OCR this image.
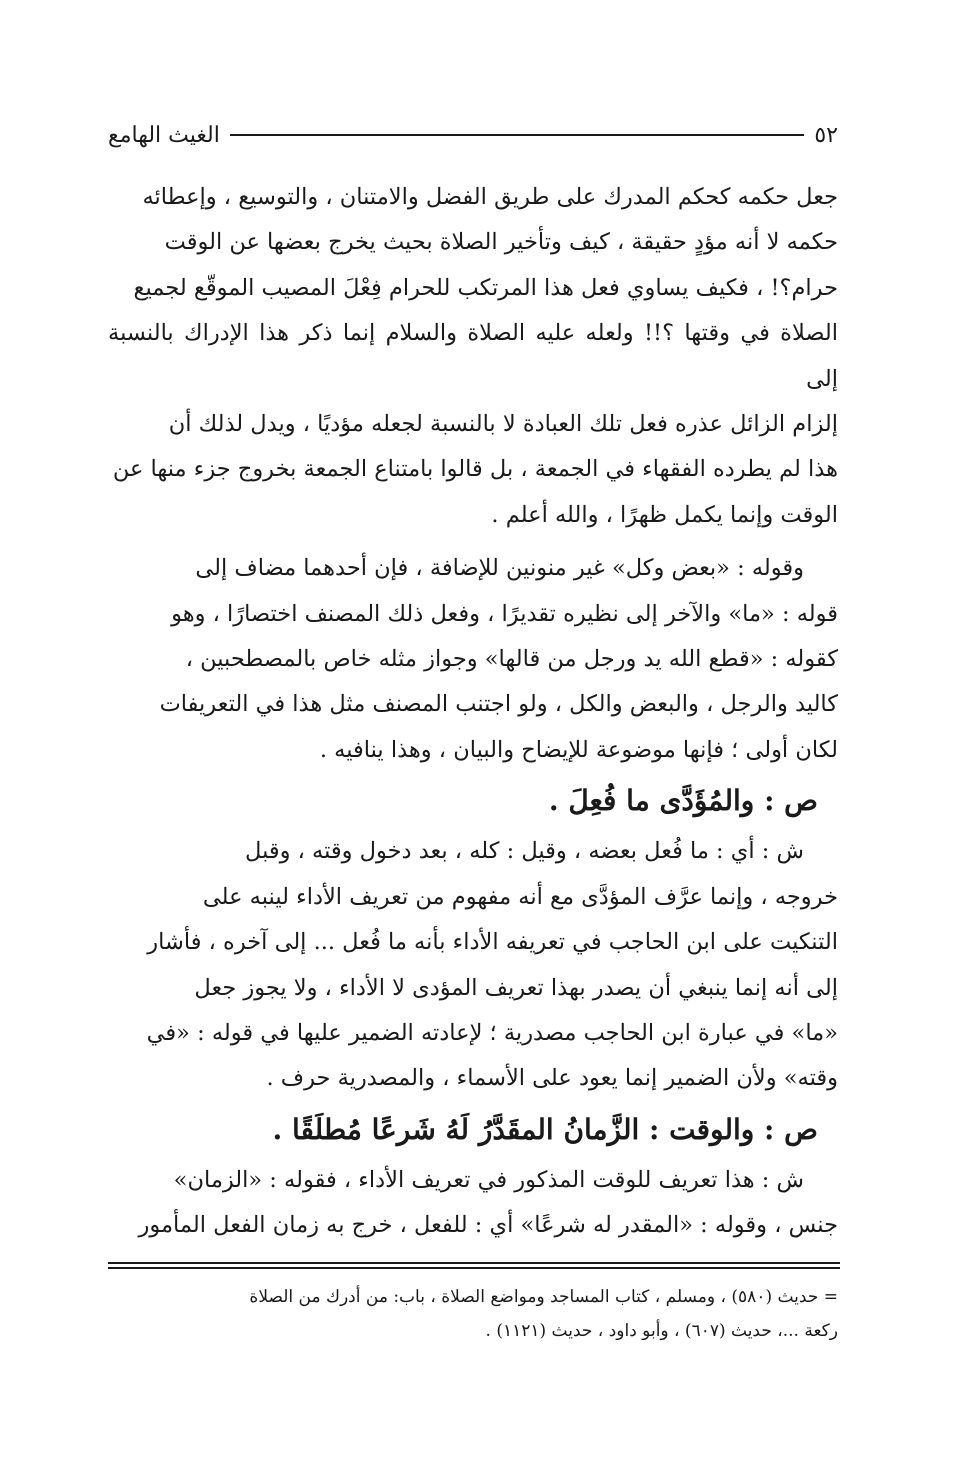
٥٢
الغيث الهامع

جعل حكمه كحكم المدرك على طريق الفضل والامتنان ، والتوسيع ، وإعطائه

حكمه لا أنه مؤدٍ حقيقة ، كيف وتأخير الصلاة بحيث يخرج بعضها عن الوقت

حرام؟! ، فكيف يساوي فعل هذا المرتكب للحرام فِعْلَ المصيب الموقّع لجميع

الصلاة في وقتها ؟!! ولعله عليه الصلاة والسلام إنما ذكر هذا الإدراك بالنسبة إلى

إلزام الزائل عذره فعل تلك العبادة لا بالنسبة لجعله مؤديًا ، ويدل لذلك أن

هذا لم يطرده الفقهاء في الجمعة ، بل قالوا بامتناع الجمعة بخروج جزء منها عن

الوقت وإنما يكمل ظهرًا ، والله أعلم .

وقوله : «بعض وكل» غير منونين للإضافة ، فإن أحدهما مضاف إلى

قوله : «ما» والآخر إلى نظيره تقديرًا ، وفعل ذلك المصنف اختصارًا ، وهو

كقوله : «قطع الله يد ورجل من قالها» وجواز مثله خاص بالمصطحبين ،

كاليد والرجل ، والبعض والكل ، ولو اجتنب المصنف مثل هذا في التعريفات

لكان أولى ؛ فإنها موضوعة للإيضاح والبيان ، وهذا ينافيه .

ص : والمُؤَدَّى ما فُعِلَ .

ش : أي : ما فُعل بعضه ، وقيل : كله ، بعد دخول وقته ، وقبل

خروجه ، وإنما عرَّف المؤدَّى مع أنه مفهوم من تعريف الأداء لينبه على

التنكيت على ابن الحاجب في تعريفه الأداء بأنه ما فُعل ... إلى آخره ، فأشار

إلى أنه إنما ينبغي أن يصدر بهذا تعريف المؤدى لا الأداء ، ولا يجوز جعل

«ما» في عبارة ابن الحاجب مصدرية ؛ لإعادته الضمير عليها في قوله : «في

وقته» ولأن الضمير إنما يعود على الأسماء ، والمصدرية حرف .

ص : والوقت : الزَّمانُ المقَدَّرُ لَهُ شَرعًا مُطلَقًا .

ش : هذا تعريف للوقت المذكور في تعريف الأداء ، فقوله : «الزمان»

جنس ، وقوله : «المقدر له شرعًا» أي : للفعل ، خرج به زمان الفعل المأمور

= حديث (٥٨٠) ، ومسلم ، كتاب المساجد ومواضع الصلاة ، باب: من أدرك من الصلاة

ركعة ...، حديث (٦٠٧) ، وأبو داود ، حديث (١١٢١) .
